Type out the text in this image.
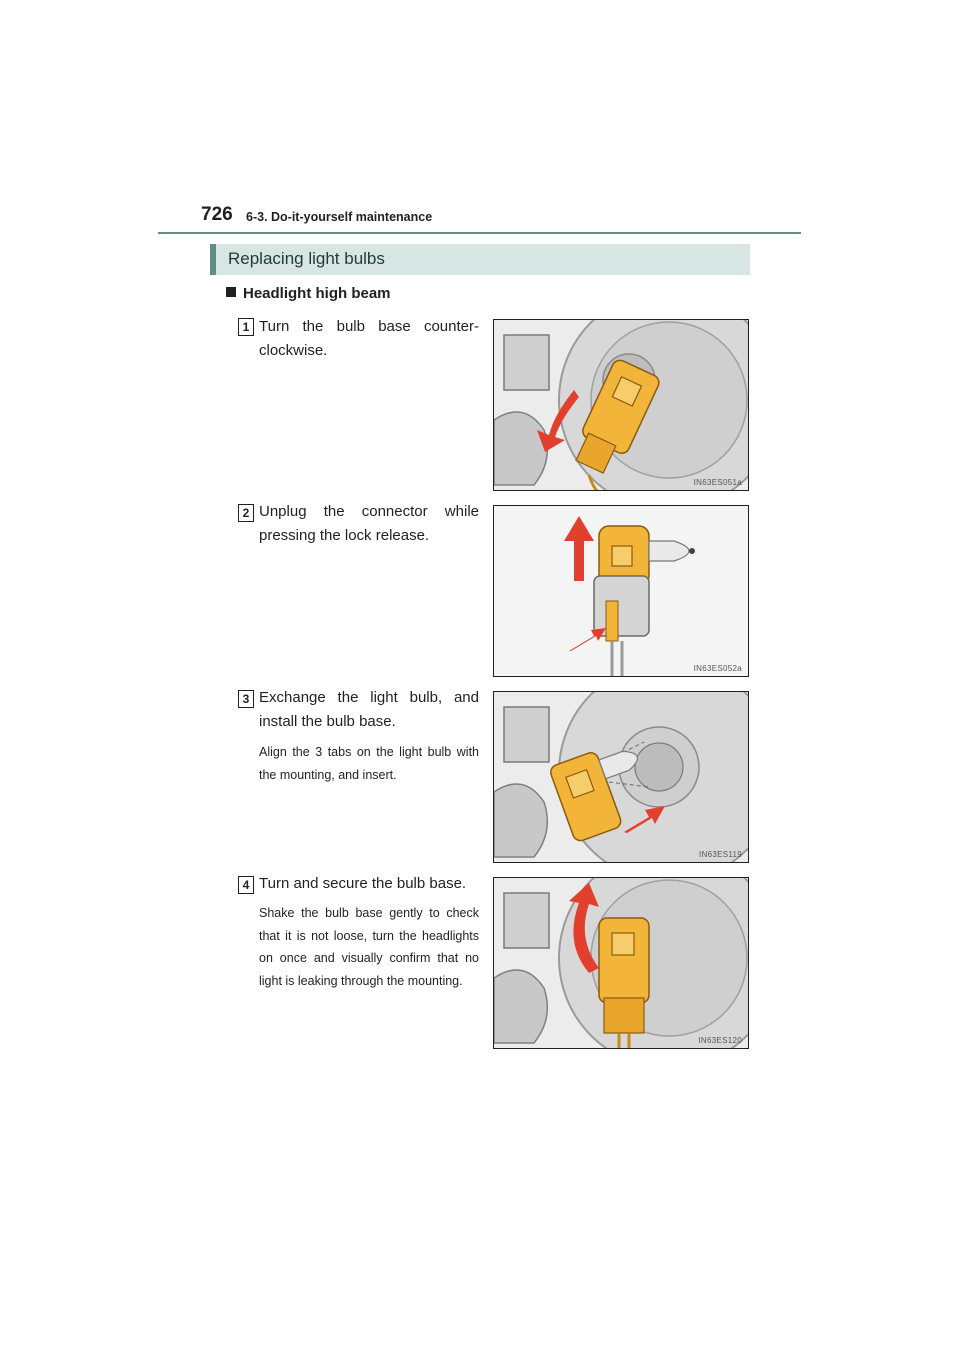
726 6-3. Do-it-yourself maintenance
Replacing light bulbs
Headlight high beam
1 Turn the bulb base counter-clockwise.
IN63ES051a
2 Unplug the connector while pressing the lock release.
IN63ES052a
3 Exchange the light bulb, and install the bulb base.
Align the 3 tabs on the light bulb with the mounting, and insert.
IN63ES119
4 Turn and secure the bulb base.
Shake the bulb base gently to check that it is not loose, turn the headlights on once and visually confirm that no light is leaking through the mounting.
IN63ES120
